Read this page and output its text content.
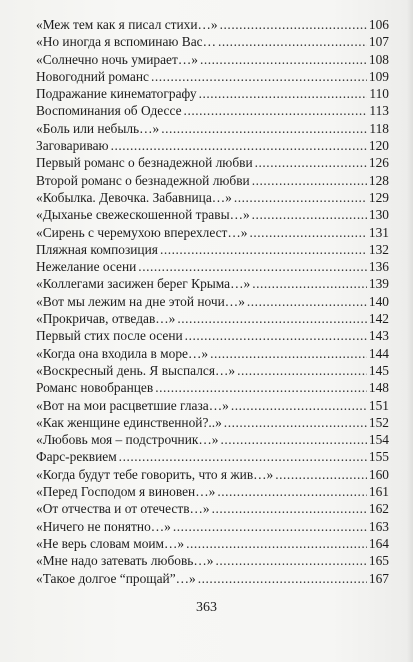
«Меж тем как я писал стихи…» . . .	106
«Но иногда я вспоминаю Вас… . . .	107
«Солнечно ночь умирает…» . . .	108
Новогодний романс . . .	109
Подражание кинематографу . . .	110
Воспоминания об Одессе . . .	113
«Боль или небыль…» . . .	118
Заговариваю . . .	120
Первый романс о безнадежной любви . . .	126
Второй романс о безнадежной любви . . .	128
«Кобылка. Девочка. Забавница…» . . .	129
«Дыханье свежескошенной травы…» . . .	130
«Сирень с черемухою вперехлест…» . . .	131
Пляжная композиция . . .	132
Нежелание осени . . .	136
«Коллегами засижен берег Крыма…» . . .	139
«Вот мы лежим на дне этой ночи…» . . .	140
«Прокричав, отведав…» . . .	142
Первый стих после осени . . .	143
«Когда она входила в море…» . . .	144
«Воскресный день. Я выспался…» . . .	145
Романс новобранцев . . .	148
«Вот на мои расцветшие глаза…» . . .	151
«Как женщине единственной?..» . . .	152
«Любовь моя – подстрочник…» . . .	154
Фарс-реквием . . .	155
«Когда будут тебе говорить, что я жив…» . . .	160
«Перед Господом я виновен…» . . .	161
«От отчества и от отечеств…» . . .	162
«Ничего не понятно…» . . .	163
«Не верь словам моим…» . . .	164
«Мне надо затевать любовь…» . . .	165
«Такое долгое “прощай”…» . . .	167
363
